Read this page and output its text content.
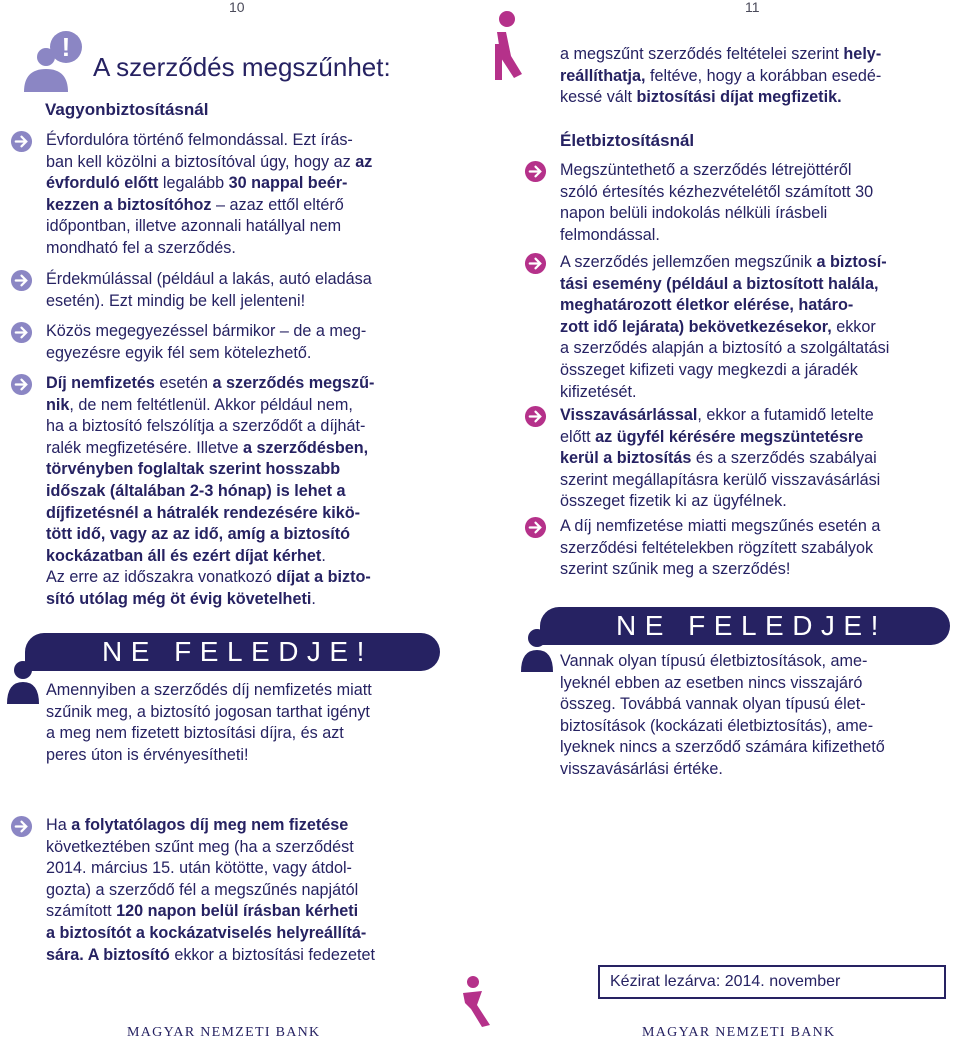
10	11
!
A szerződés megszűnhet:
Vagyonbiztosításnál
Évfordulóra történő felmondással. Ezt írás-
ban kell közölni a biztosítóval úgy, hogy az az
évforduló előtt legalább 30 nappal beér-
kezzen a biztosítóhoz – azaz ettől eltérő
időpontban, illetve azonnali hatállyal nem
mondható fel a szerződés.
Érdekmúlással (például a lakás, autó eladása
esetén). Ezt mindig be kell jelenteni!
Közös megegyezéssel bármikor – de a meg-
egyezésre egyik fél sem kötelezhető.
Díj nemfizetés esetén a szerződés megszű-
nik, de nem feltétlenül. Akkor például nem,
ha a biztosító felszólítja a szerződőt a díjhát-
ralék megfizetésére. Illetve a szerződésben,
törvényben foglaltak szerint hosszabb
időszak (általában 2-3 hónap) is lehet a
díjfizetésnél a hátralék rendezésére kikö-
tött idő, vagy az az idő, amíg a biztosító
kockázatban áll és ezért díjat kérhet.
Az erre az időszakra vonatkozó díjat a bizto-
sító utólag még öt évig követelheti.
NE FELEDJE!
Amennyiben a szerződés díj nemfizetés miatt
szűnik meg, a biztosító jogosan tarthat igényt
a meg nem fizetett biztosítási díjra, és azt
peres úton is érvényesítheti!
Ha a folytatólagos díj meg nem fizetése
következtében szűnt meg (ha a szerződést
2014. március 15. után kötötte, vagy átdol-
gozta) a szerződő fél a megszűnés napjától
számított 120 napon belül írásban kérheti
a biztosítót a kockázatviselés helyreállítá-
sára. A biztosító ekkor a biztosítási fedezetet
MAGYAR NEMZETI BANK
a megszűnt szerződés feltételei szerint hely-
reállíthatja, feltéve, hogy a korábban esedé-
kessé vált biztosítási díjat megfizetik.
Életbiztosításnál
Megszüntethető a szerződés létrejöttéről
szóló értesítés kézhezvételétől számított 30
napon belüli indokolás nélküli írásbeli
felmondással.
A szerződés jellemzően megszűnik a biztosí-
tási esemény (például a biztosított halála,
meghatározott életkor elérése, határo-
zott idő lejárata) bekövetkezésekor, ekkor
a szerződés alapján a biztosító a szolgáltatási
összeget kifizeti vagy megkezdi a járadék
kifizetését.
Visszavásárlással, ekkor a futamidő letelte
előtt az ügyfél kérésére megszüntetésre
kerül a biztosítás és a szerződés szabályai
szerint megállapításra kerülő visszavásárlási
összeget fizetik ki az ügyfélnek.
A díj nemfizetése miatti megszűnés esetén a
szerződési feltételekben rögzített szabályok
szerint szűnik meg a szerződés!
NE FELEDJE!
Vannak olyan típusú életbiztosítások, ame-
lyeknél ebben az esetben nincs visszajáró
összeg. Továbbá vannak olyan típusú élet-
biztosítások (kockázati életbiztosítás), ame-
lyeknek nincs a szerződő számára kifizethető
visszavásárlási értéke.
Kézirat lezárva: 2014. november
MAGYAR NEMZETI BANK
